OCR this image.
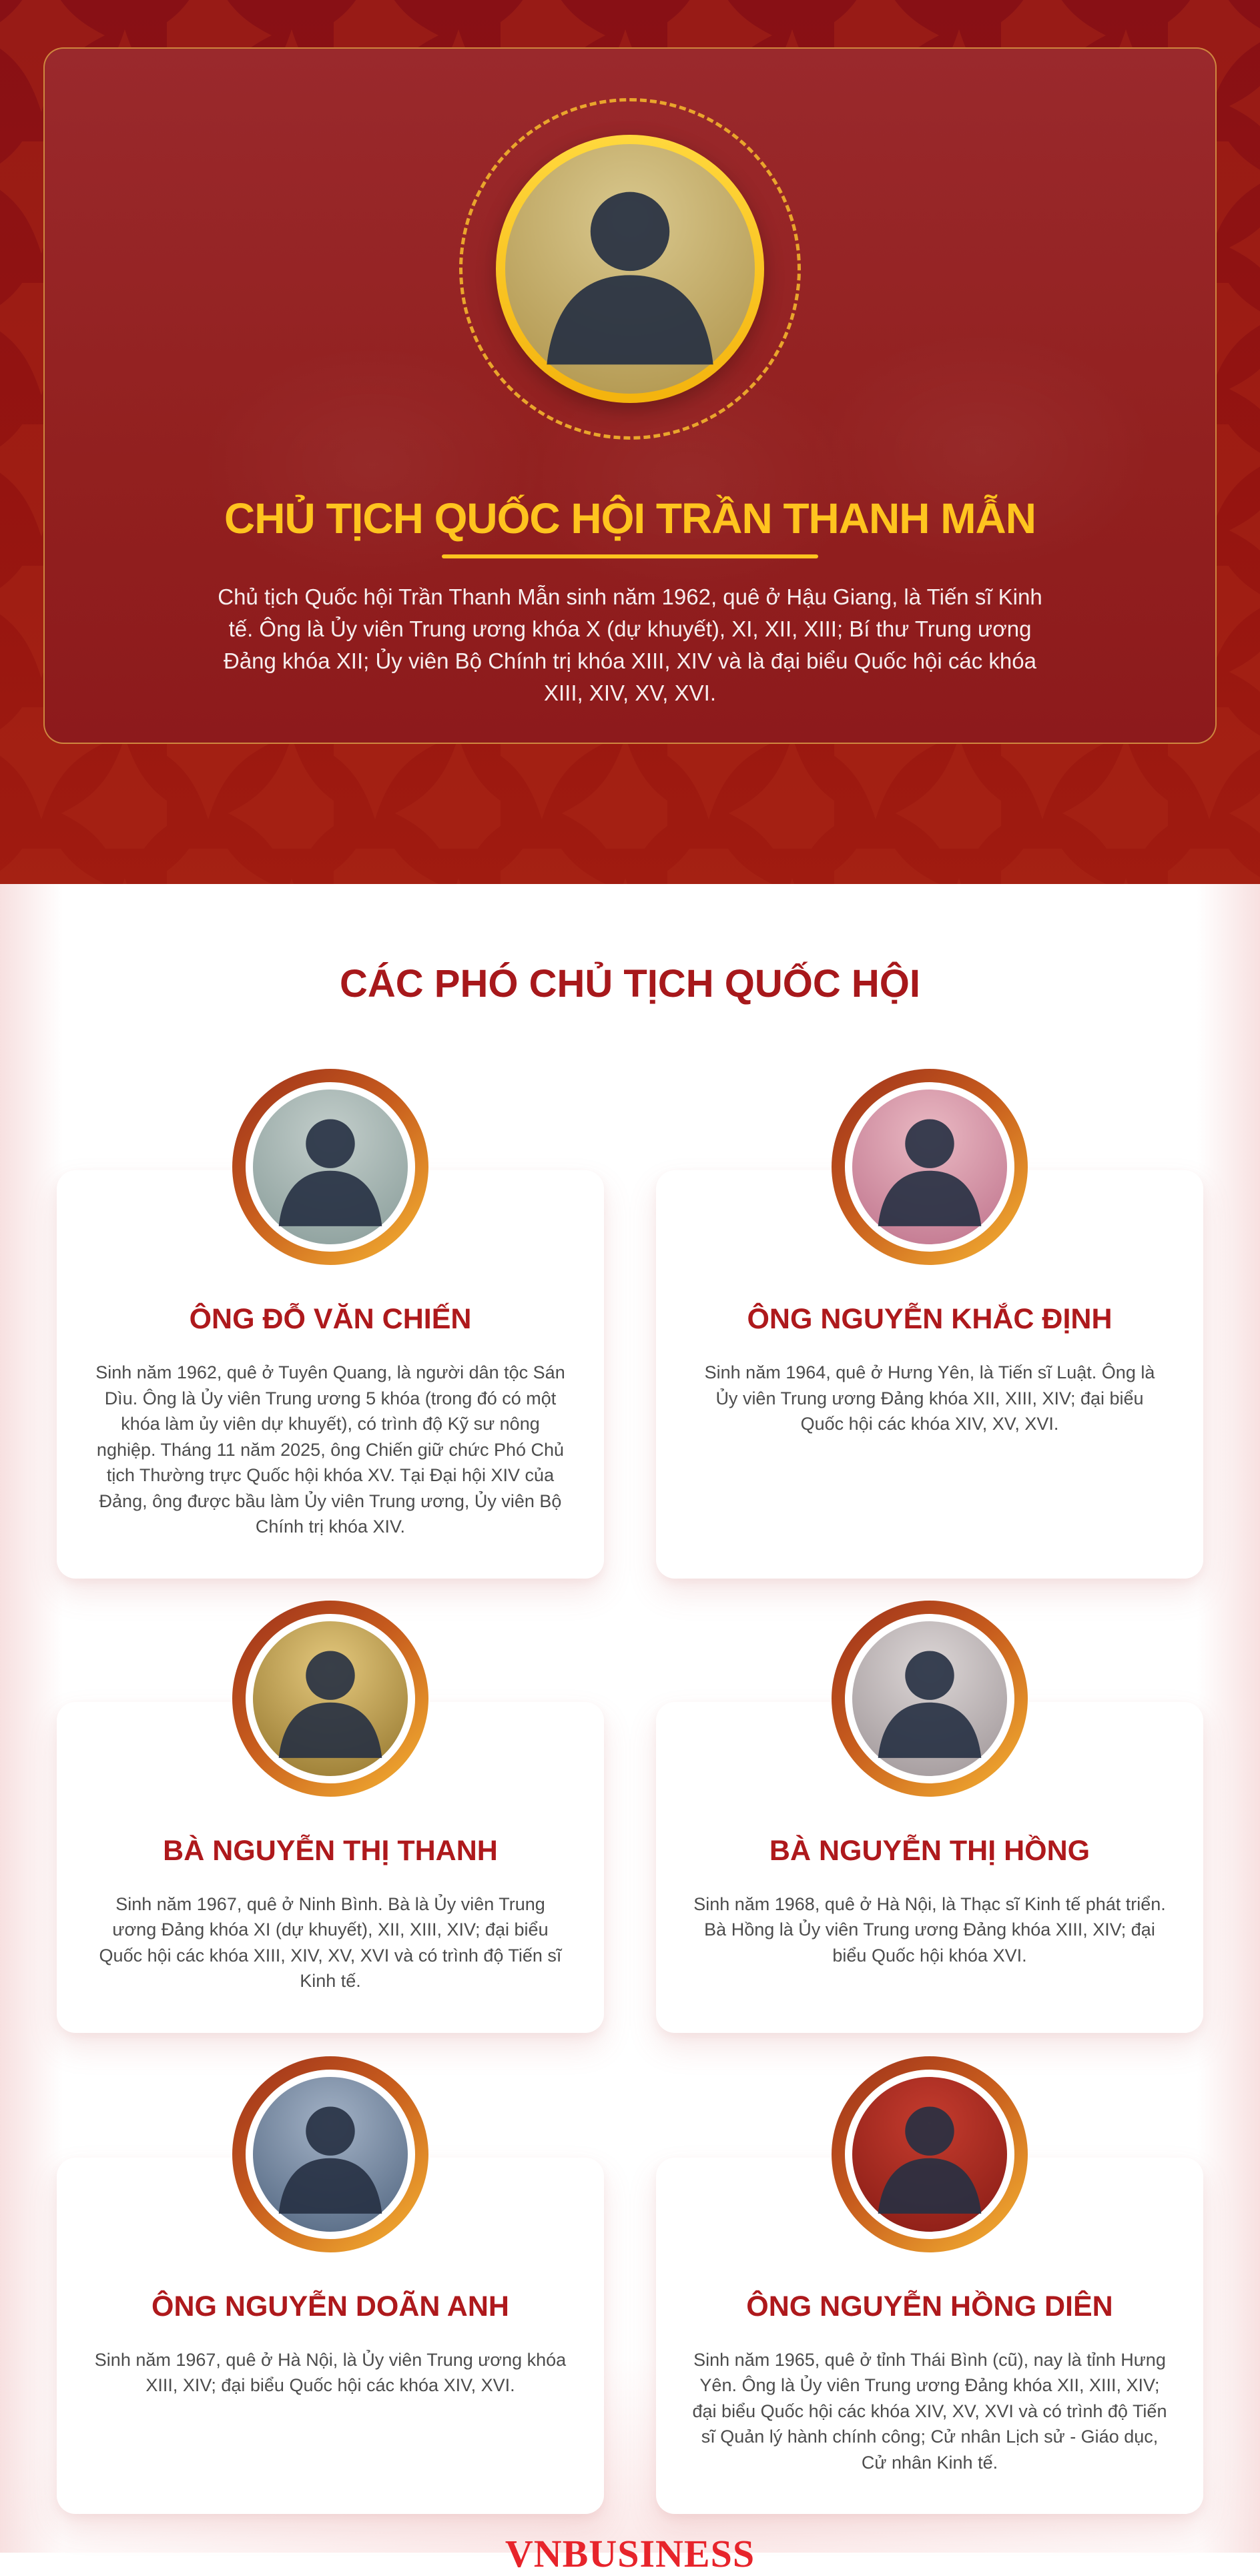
CHỦ TỊCH QUỐC HỘI TRẦN THANH MẪN
Chủ tịch Quốc hội Trần Thanh Mẫn sinh năm 1962, quê ở Hậu Giang, là Tiến sĩ Kinh tế. Ông là Ủy viên Trung ương khóa X (dự khuyết), XI, XII, XIII; Bí thư Trung ương Đảng khóa XII; Ủy viên Bộ Chính trị khóa XIII, XIV và là đại biểu Quốc hội các khóa XIII, XIV, XV, XVI.
CÁC PHÓ CHỦ TỊCH QUỐC HỘI
ÔNG ĐỖ VĂN CHIẾN
Sinh năm 1962, quê ở Tuyên Quang, là người dân tộc Sán Dìu. Ông là Ủy viên Trung ương 5 khóa (trong đó có một khóa làm ủy viên dự khuyết), có trình độ Kỹ sư nông nghiệp. Tháng 11 năm 2025, ông Chiến giữ chức Phó Chủ tịch Thường trực Quốc hội khóa XV. Tại Đại hội XIV của Đảng, ông được bầu làm Ủy viên Trung ương, Ủy viên Bộ Chính trị khóa XIV.
ÔNG NGUYỄN KHẮC ĐỊNH
Sinh năm 1964, quê ở Hưng Yên, là Tiến sĩ Luật. Ông là Ủy viên Trung ương Đảng khóa XII, XIII, XIV; đại biểu Quốc hội các khóa XIV, XV, XVI.
BÀ NGUYỄN THỊ THANH
Sinh năm 1967, quê ở Ninh Bình. Bà là Ủy viên Trung ương Đảng khóa XI (dự khuyết), XII, XIII, XIV; đại biểu Quốc hội các khóa XIII, XIV, XV, XVI và có trình độ Tiến sĩ Kinh tế.
BÀ NGUYỄN THỊ HỒNG
Sinh năm 1968, quê ở Hà Nội, là Thạc sĩ Kinh tế phát triển. Bà Hồng là Ủy viên Trung ương Đảng khóa XIII, XIV; đại biểu Quốc hội khóa XVI.
ÔNG NGUYỄN DOÃN ANH
Sinh năm 1967, quê ở Hà Nội, là Ủy viên Trung ương khóa XIII, XIV; đại biểu Quốc hội các khóa XIV, XVI.
ÔNG NGUYỄN HỒNG DIÊN
Sinh năm 1965, quê ở tỉnh Thái Bình (cũ), nay là tỉnh Hưng Yên. Ông là Ủy viên Trung ương Đảng khóa XII, XIII, XIV; đại biểu Quốc hội các khóa XIV, XV, XVI và có trình độ Tiến sĩ Quản lý hành chính công; Cử nhân Lịch sử - Giáo dục, Cử nhân Kinh tế.
VNBUSINESS
